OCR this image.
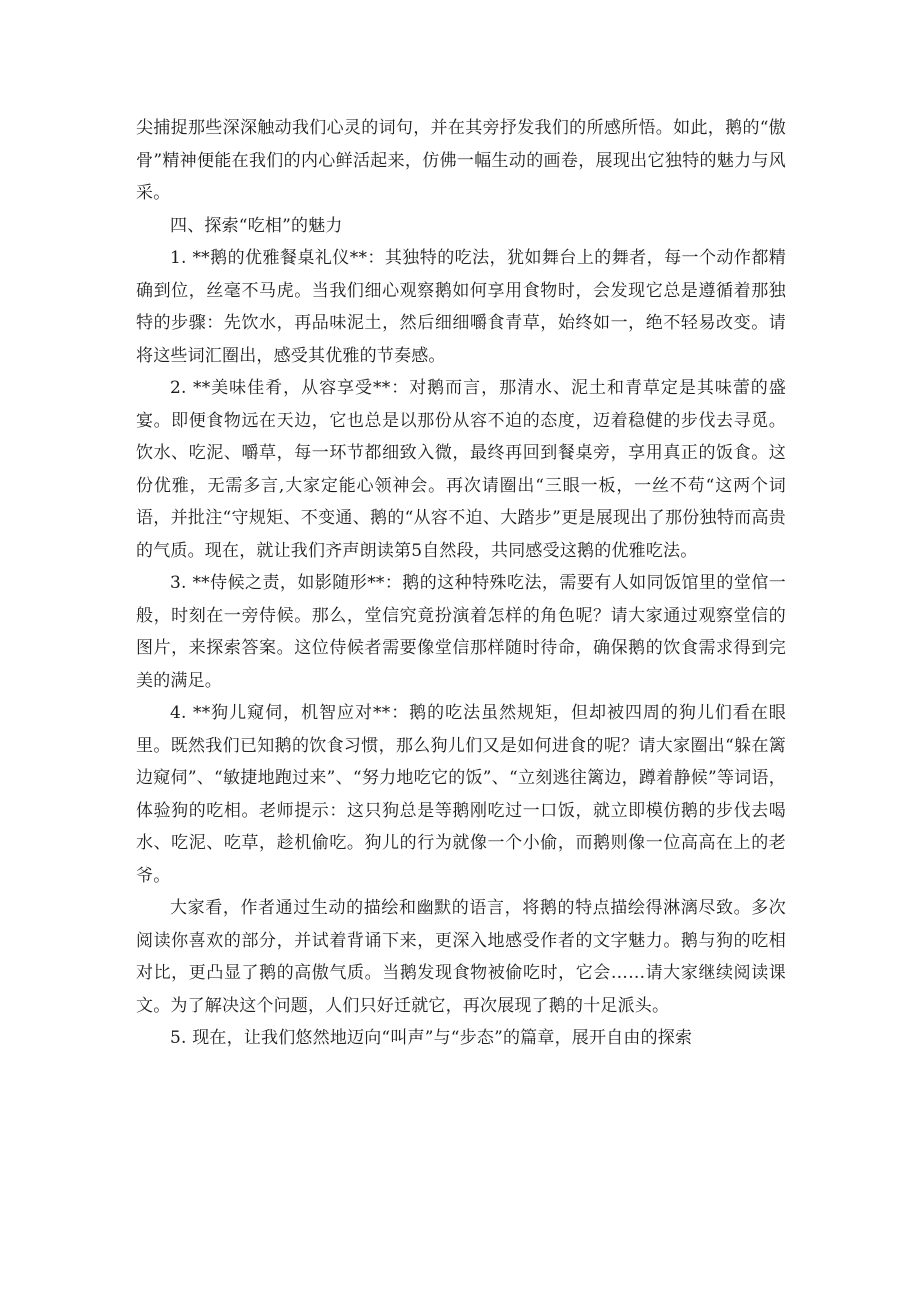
尖捕捉那些深深触动我们心灵的词句，并在其旁抒发我们的所感所悟。如此，鹅的“傲骨”精神便能在我们的内心鲜活起来，仿佛一幅生动的画卷，展现出它独特的魅力与风采。

四、探索“吃相”的魅力

1. **鹅的优雅餐桌礼仪**：其独特的吃法，犹如舞台上的舞者，每一个动作都精确到位，丝毫不马虎。当我们细心观察鹅如何享用食物时，会发现它总是遵循着那独特的步骤：先饮水，再品味泥土，然后细细嚼食青草，始终如一，绝不轻易改变。请将这些词汇圈出，感受其优雅的节奏感。

2. **美味佳肴，从容享受**：对鹅而言，那清水、泥土和青草定是其味蕾的盛宴。即便食物远在天边，它也总是以那份从容不迫的态度，迈着稳健的步伐去寻觅。饮水、吃泥、嚼草，每一环节都细致入微，最终再回到餐桌旁，享用真正的饭食。这份优雅，无需多言,大家定能心领神会。再次请圈出“三眼一板，一丝不苟“这两个词语，并批注“守规矩、不变通、鹅的“从容不迫、大踏步”更是展现出了那份独特而高贵的气质。现在，就让我们齐声朗读第5自然段，共同感受这鹅的优雅吃法。

3. **侍候之责，如影随形**：鹅的这种特殊吃法，需要有人如同饭馆里的堂倌一般，时刻在一旁侍候。那么，堂信究竟扮演着怎样的角色呢？请大家通过观察堂信的图片，来探索答案。这位侍候者需要像堂信那样随时待命，确保鹅的饮食需求得到完美的满足。

4. **狗儿窥伺，机智应对**：鹅的吃法虽然规矩，但却被四周的狗儿们看在眼里。既然我们已知鹅的饮食习惯，那么狗儿们又是如何进食的呢？请大家圈出“躲在篱边窥伺”、“敏捷地跑过来”、“努力地吃它的饭”、“立刻逃往篱边，蹲着静候”等词语，体验狗的吃相。老师提示：这只狗总是等鹅刚吃过一口饭，就立即模仿鹅的步伐去喝水、吃泥、吃草，趁机偷吃。狗儿的行为就像一个小偷，而鹅则像一位高高在上的老爷。

大家看，作者通过生动的描绘和幽默的语言，将鹅的特点描绘得淋漓尽致。多次阅读你喜欢的部分，并试着背诵下来，更深入地感受作者的文字魅力。鹅与狗的吃相对比，更凸显了鹅的高傲气质。当鹅发现食物被偷吃时，它会……请大家继续阅读课文。为了解决这个问题，人们只好迁就它，再次展现了鹅的十足派头。

5. 现在，让我们悠然地迈向“叫声”与“步态”的篇章，展开自由的探索
